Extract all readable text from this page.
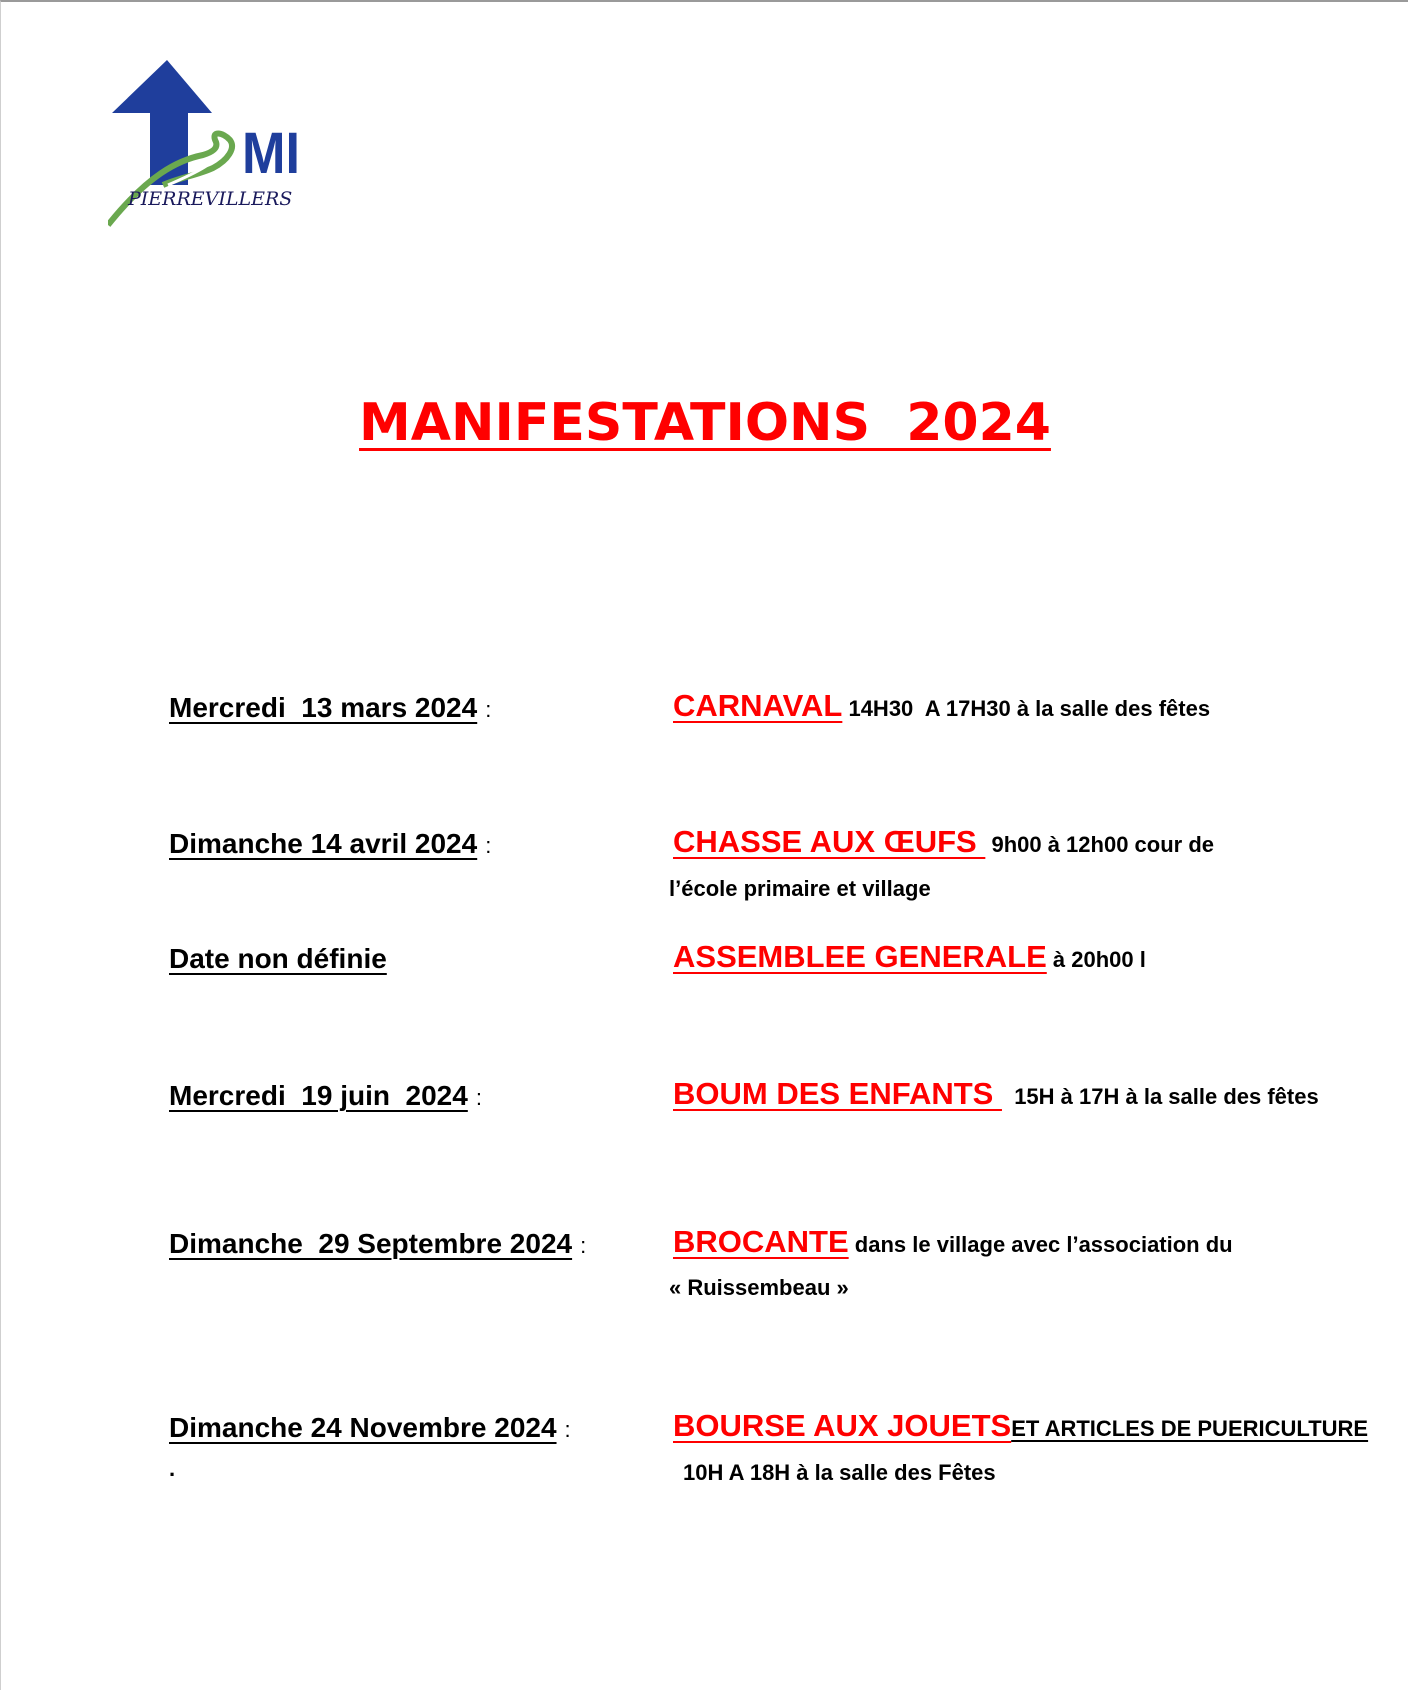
MI
PIERREVILLERS
MANIFESTATIONS  2024
Mercredi  13 mars 2024 :	CARNAVAL 14H30  A 17H30 à la salle des fêtes
Dimanche 14 avril 2024 :	CHASSE AUX ŒUFS  9h00 à 12h00 cour de
l’école primaire et village
Date non définie	ASSEMBLEE GENERALE à 20h00 l
Mercredi  19 juin  2024 :	BOUM DES ENFANTS   15H à 17H à la salle des fêtes
Dimanche  29 Septembre 2024 :	BROCANTE dans le village avec l’association du
« Ruissembeau »
Dimanche 24 Novembre 2024 :	BOURSE AUX JOUETSET ARTICLES DE PUERICULTURE
.	10H A 18H à la salle des Fêtes
